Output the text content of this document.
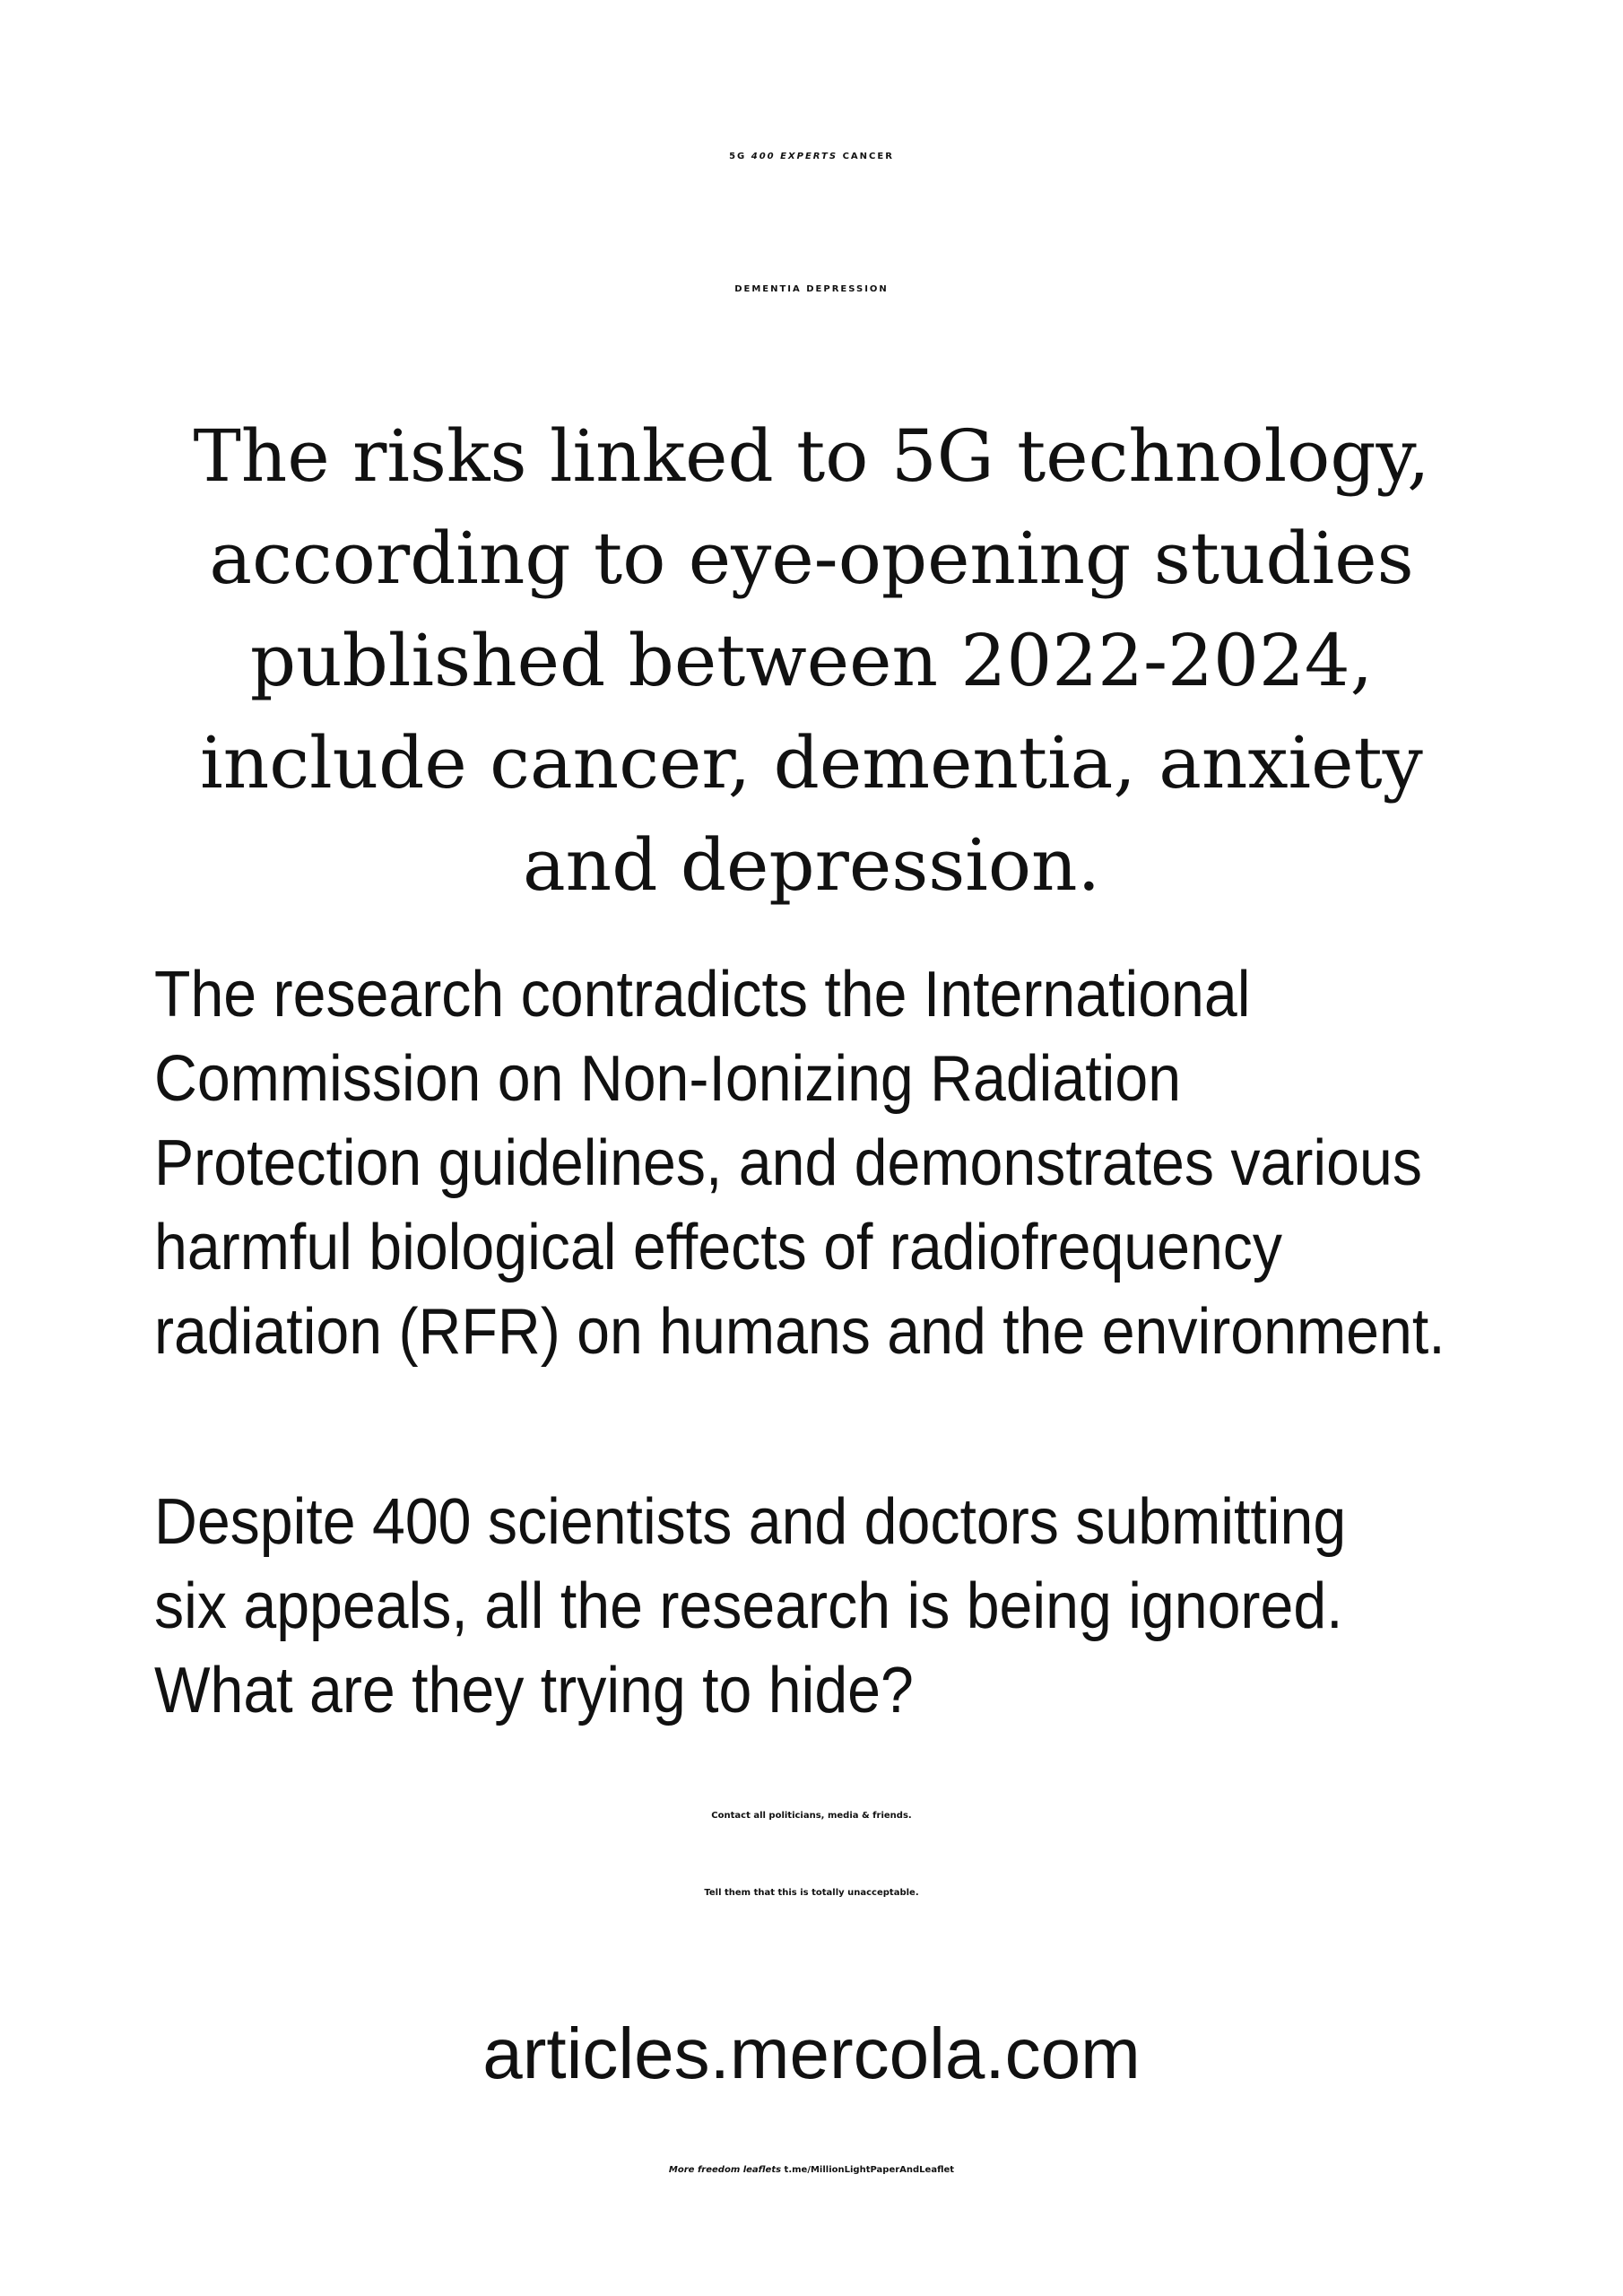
5G 400 EXPERTS CANCER
DEMENTIA DEPRESSION
The risks linked to 5G technology,
according to eye-opening studies
published between 2022-2024,
include cancer, dementia, anxiety
and depression.
The research contradicts the International
Commission on Non-Ionizing Radiation
Protection guidelines, and demonstrates various
harmful biological effects of radiofrequency
radiation (RFR) on humans and the environment.
Despite 400 scientists and doctors submitting
six appeals, all the research is being ignored.
What are they trying to hide?
Contact all politicians, media & friends.
Tell them that this is totally unacceptable.
articles.mercola.com
More freedom leaflets t.me/MillionLightPaperAndLeaflet
